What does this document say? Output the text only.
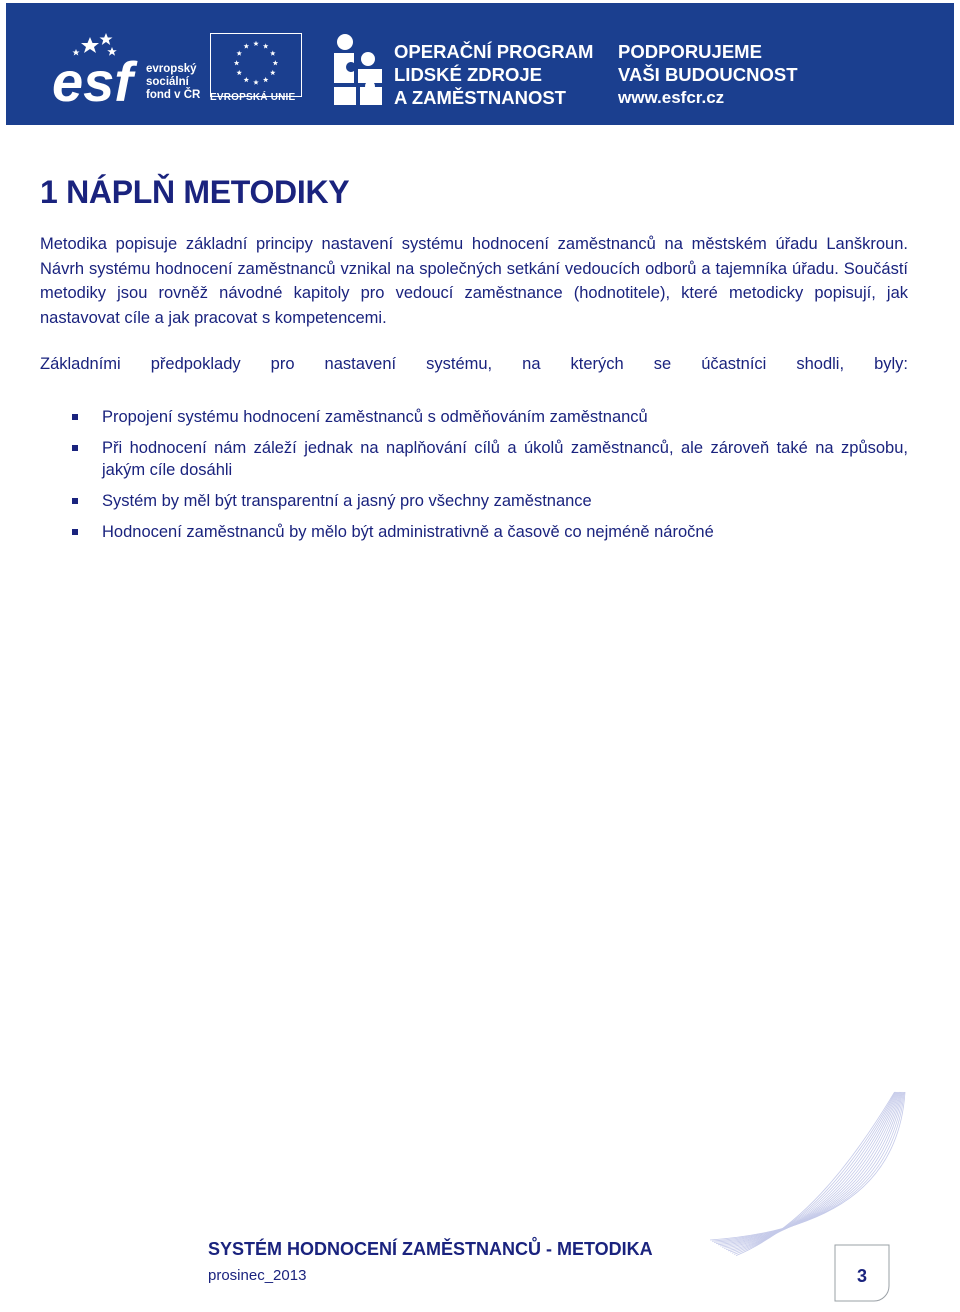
esf	evropský
sociální
fond v ČR EVROPSKÁ UNIE
OPERAČNÍ PROGRAM
LIDSKÉ ZDROJE
A ZAMĚSTNANOST
PODPORUJEME
VAŠI BUDOUCNOST
www.esfcr.cz
1 NÁPLŇ METODIKY

Metodika popisuje základní principy nastavení systému hodnocení zaměstnanců na městském úřadu Lanškroun. Návrh systému hodnocení zaměstnanců vznikal na společných setkání vedoucích odborů a tajemníka úřadu. Součástí metodiky jsou rovněž návodné kapitoly pro vedoucí zaměstnance (hodnotitele), které metodicky popisují, jak nastavovat cíle a jak pracovat s kompetencemi.

Základními předpoklady pro nastavení systému, na kterých se účastníci shodli, byly:

Propojení systému hodnocení zaměstnanců s odměňováním zaměstnanců
Při hodnocení nám záleží jednak na naplňování cílů a úkolů zaměstnanců, ale zároveň také na způsobu, jakým cíle dosáhli
Systém by měl být transparentní a jasný pro všechny zaměstnance
Hodnocení zaměstnanců by mělo být administrativně a časově co nejméně náročné
SYSTÉM HODNOCENÍ ZAMĚSTNANCŮ - METODIKA
prosinec_2013	3
